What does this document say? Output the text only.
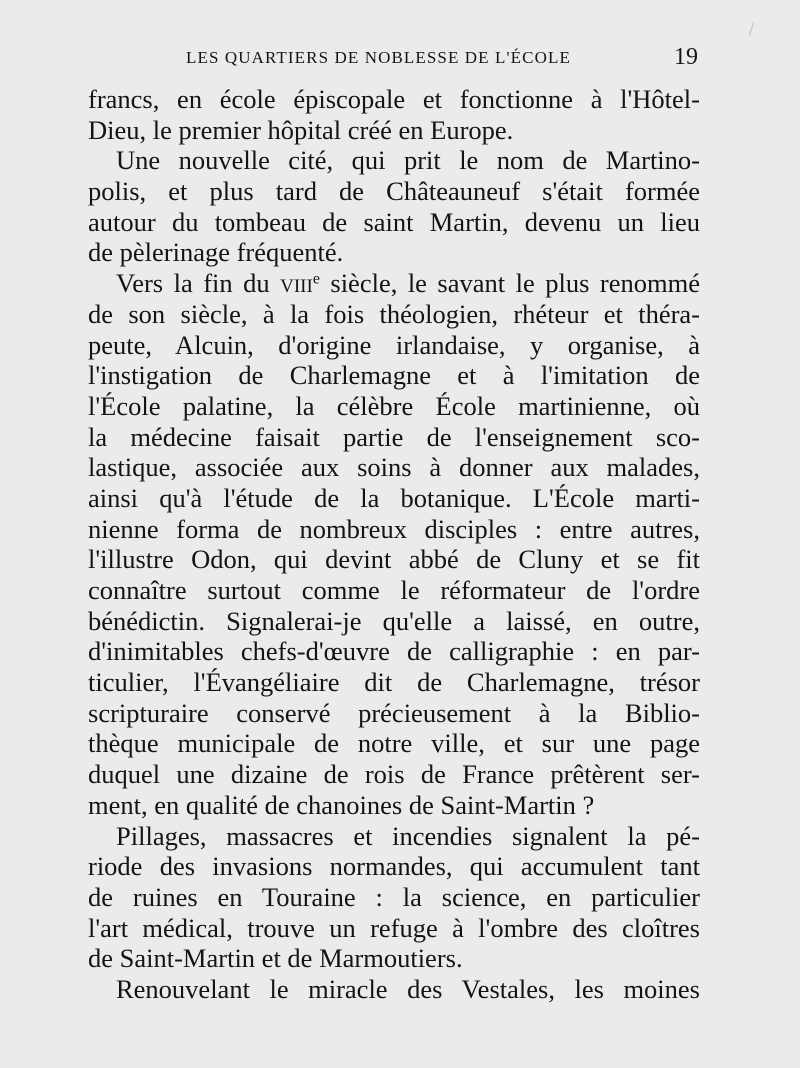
LES QUARTIERS DE NOBLESSE DE L'ÉCOLE	19
francs, en école épiscopale et fonctionne à l'Hôtel-
Dieu, le premier hôpital créé en Europe.
Une nouvelle cité, qui prit le nom de Martino-
polis, et plus tard de Châteauneuf s'était formée
autour du tombeau de saint Martin, devenu un lieu
de pèlerinage fréquenté.
Vers la fin du viii$^e$ siècle, le savant le plus renommé
de son siècle, à la fois théologien, rhéteur et théra-
peute, Alcuin, d'origine irlandaise, y organise, à
l'instigation de Charlemagne et à l'imitation de
l'École palatine, la célèbre École martinienne, où
la médecine faisait partie de l'enseignement sco-
lastique, associée aux soins à donner aux malades,
ainsi qu'à l'étude de la botanique. L'École marti-
nienne forma de nombreux disciples : entre autres,
l'illustre Odon, qui devint abbé de Cluny et se fit
connaître surtout comme le réformateur de l'ordre
bénédictin. Signalerai-je qu'elle a laissé, en outre,
d'inimitables chefs-d'œuvre de calligraphie : en par-
ticulier, l'Évangéliaire dit de Charlemagne, trésor
scripturaire conservé précieusement à la Biblio-
thèque municipale de notre ville, et sur une page
duquel une dizaine de rois de France prêtèrent ser-
ment, en qualité de chanoines de Saint-Martin ?
Pillages, massacres et incendies signalent la pé-
riode des invasions normandes, qui accumulent tant
de ruines en Touraine : la science, en particulier
l'art médical, trouve un refuge à l'ombre des cloîtres
de Saint-Martin et de Marmoutiers.
Renouvelant le miracle des Vestales, les moines
